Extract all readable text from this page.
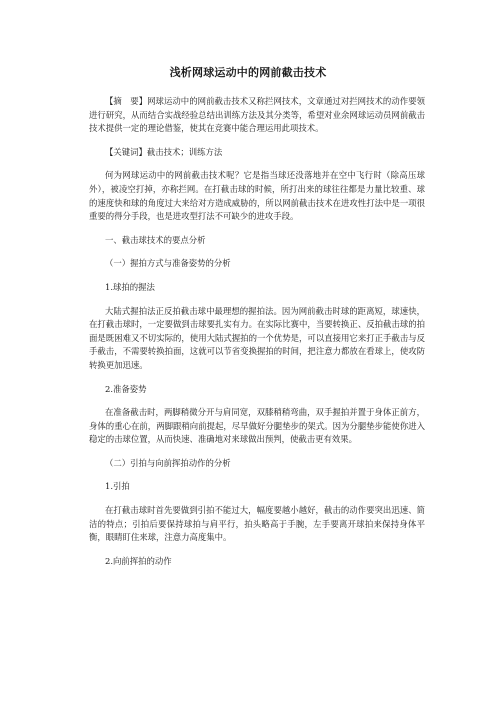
浅析网球运动中的网前截击技术

【摘　要】网球运动中的网前截击技术又称拦网技术，文章通过对拦网技术的动作要领进行研究，从而结合实战经验总结出训练方法及其分类等，希望对业余网球运动员网前截击技术提供一定的理论借鉴，使其在竞赛中能合理运用此项技术。

【关键词】截击技术；训练方法

何为网球运动中的网前截击技术呢？它是指当球还没落地并在空中飞行时（除高压球外），被凌空打掉，亦称拦网。在打截击球的时候，所打出来的球往往都是力量比较重、球的速度快和球的角度过大来给对方造成威胁的，所以网前截击技术在进攻性打法中是一项很重要的得分手段，也是进攻型打法不可缺少的进攻手段。

一、截击球技术的要点分析

（一）握拍方式与准备姿势的分析

1.球拍的握法

大陆式握拍法正反拍截击球中最理想的握拍法。因为网前截击时球的距离短，球速快，在打截击球时，一定要做到击球要扎实有力。在实际比赛中，当要转换正、反拍截击球的拍面是既困难又不切实际的，使用大陆式握拍的一个优势是，可以直接用它来打正手截击与反手截击，不需要转换拍面，这就可以节省变换握拍的时间，把注意力都放在看球上，使攻防转换更加迅速。

2.准备姿势

在准备截击时，两脚稍微分开与肩同宽，双膝稍稍弯曲，双手握拍并置于身体正前方，身体的重心在前，两脚跟稍向前提起，尽早做好分腿垫步的架式。因为分腿垫步能使你进入稳定的击球位置，从而快速、准确地对来球做出预判，使截击更有效果。

（二）引拍与向前挥拍动作的分析

1.引拍

在打截击球时首先要做到引拍不能过大，幅度要越小越好，截击的动作要突出迅速、简洁的特点；引拍后要保持球拍与肩平行，拍头略高于手腕，左手要离开球拍来保持身体平衡，眼睛盯住来球，注意力高度集中。

2.向前挥拍的动作
